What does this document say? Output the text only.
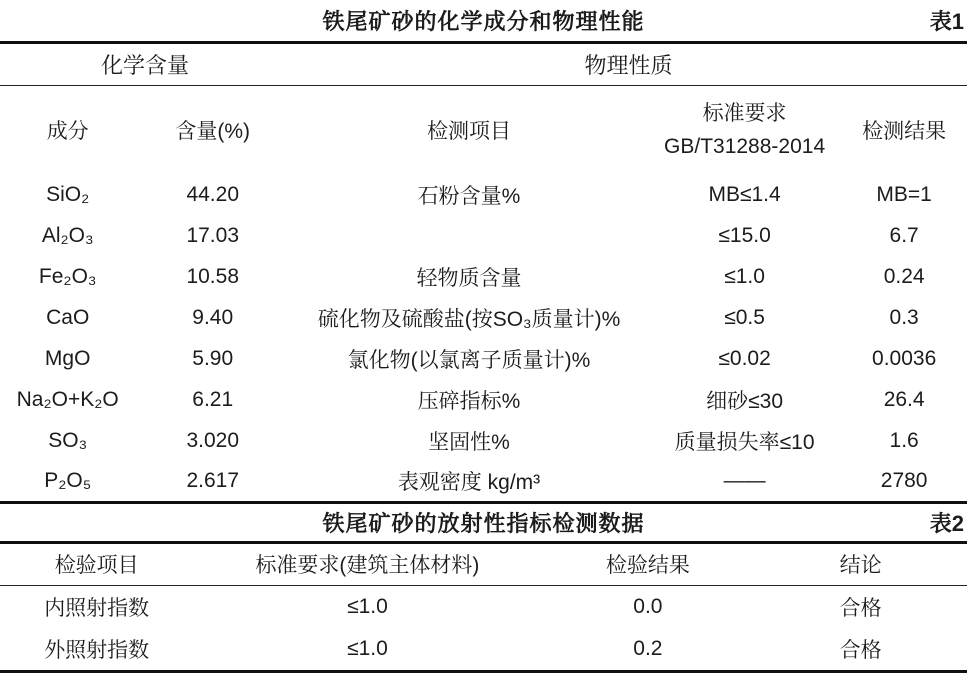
铁尾矿砂的化学成分和物理性能	表1
化学含量		物理性质		
成分	含量(%)	检测项目	标准要求 GB/T31288-2014	检测结果
SiO₂	44.20	石粉含量%	MB≤1.4	MB=1
Al₂O₃	17.03		≤15.0	6.7
Fe₂O₃	10.58	轻物质含量	≤1.0	0.24
CaO	9.40	硫化物及硫酸盐(按SO₃质量计)%	≤0.5	0.3
MgO	5.90	氯化物(以氯离子质量计)%	≤0.02	0.0036
Na₂O+K₂O	6.21	压碎指标%	细砂≤30	26.4
SO₃	3.020	坚固性%	质量损失率≤10	1.6
P₂O₅	2.617	表观密度 kg/m³	——	2780
铁尾矿砂的放射性指标检测数据	表2
检验项目	标准要求(建筑主体材料)	检验结果	结论
内照射指数	≤1.0	0.0	合格
外照射指数	≤1.0	0.2	合格
